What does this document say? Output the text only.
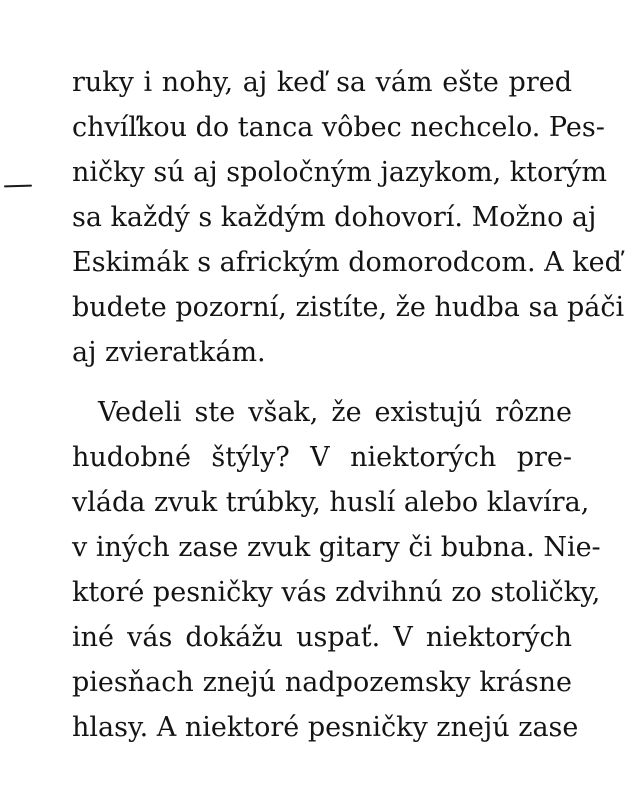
ruky i nohy, aj keď sa vám ešte pred
chvíľkou do tanca vôbec nechcelo. Pes-
ničky sú aj spoločným jazykom, ktorým
sa každý s každým dohovorí. Možno aj
Eskimák s africkým domorodcom. A keď
budete pozorní, zistíte, že hudba sa páči
aj zvieratkám.
Vedeli ste však, že existujú rôzne
hudobné štýly? V niektorých pre-
vláda zvuk trúbky, huslí alebo klavíra,
v iných zase zvuk gitary či bubna. Nie-
ktoré pesničky vás zdvihnú zo stoličky,
iné vás dokážu uspať. V niektorých
piesňach znejú nadpozemsky krásne
hlasy. A niektoré pesničky znejú zase
